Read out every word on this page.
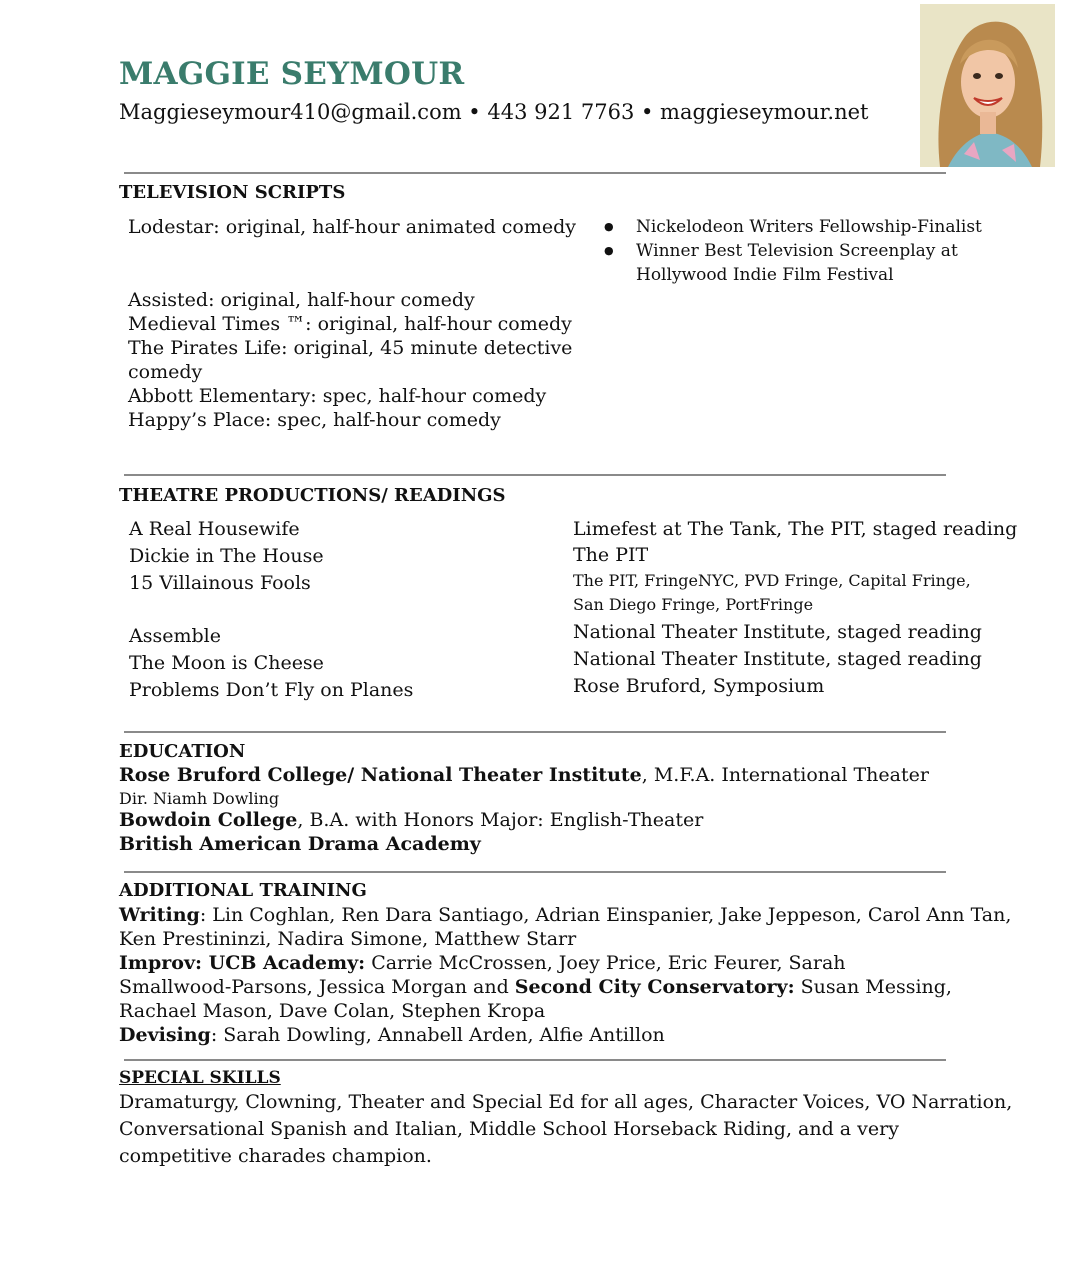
MAGGIE SEYMOUR
Maggieseymour410@gmail.com • 443 921 7763 • maggieseymour.net
TELEVISION SCRIPTS
Lodestar: original, half-hour animated comedy
●	Nickelodeon Writers Fellowship-Finalist
● Winner Best Television Screenplay at Hollywood Indie Film Festival
Assisted: original, half-hour comedy
Medieval Times ™: original, half-hour comedy
The Pirates Life: original, 45 minute detective
comedy
Abbott Elementary: spec, half-hour comedy
Happy’s Place: spec, half-hour comedy
THEATRE PRODUCTIONS/ READINGS
A Real Housewife
Dickie in The House
15 Villainous Fools
Assemble
The Moon is Cheese
Problems Don’t Fly on Planes
Limefest at The Tank, The PIT, staged reading
The PIT
The PIT, FringeNYC, PVD Fringe, Capital Fringe,
San Diego Fringe, PortFringe
National Theater Institute, staged reading
National Theater Institute, staged reading
Rose Bruford, Symposium
EDUCATION
Rose Bruford College/ National Theater Institute, M.F.A. International Theater
Dir. Niamh Dowling
Bowdoin College, B.A. with Honors Major: English-Theater
British American Drama Academy
ADDITIONAL TRAINING
Writing: Lin Coghlan, Ren Dara Santiago, Adrian Einspanier, Jake Jeppeson, Carol Ann Tan,
Ken Prestininzi, Nadira Simone, Matthew Starr
Improv: UCB Academy: Carrie McCrossen, Joey Price, Eric Feurer, Sarah
Smallwood-Parsons, Jessica Morgan and Second City Conservatory: Susan Messing,
Rachael Mason, Dave Colan, Stephen Kropa
Devising: Sarah Dowling, Annabell Arden, Alfie Antillon
SPECIAL SKILLS
Dramaturgy, Clowning, Theater and Special Ed for all ages, Character Voices, VO Narration,
Conversational Spanish and Italian, Middle School Horseback Riding, and a very
competitive charades champion.
